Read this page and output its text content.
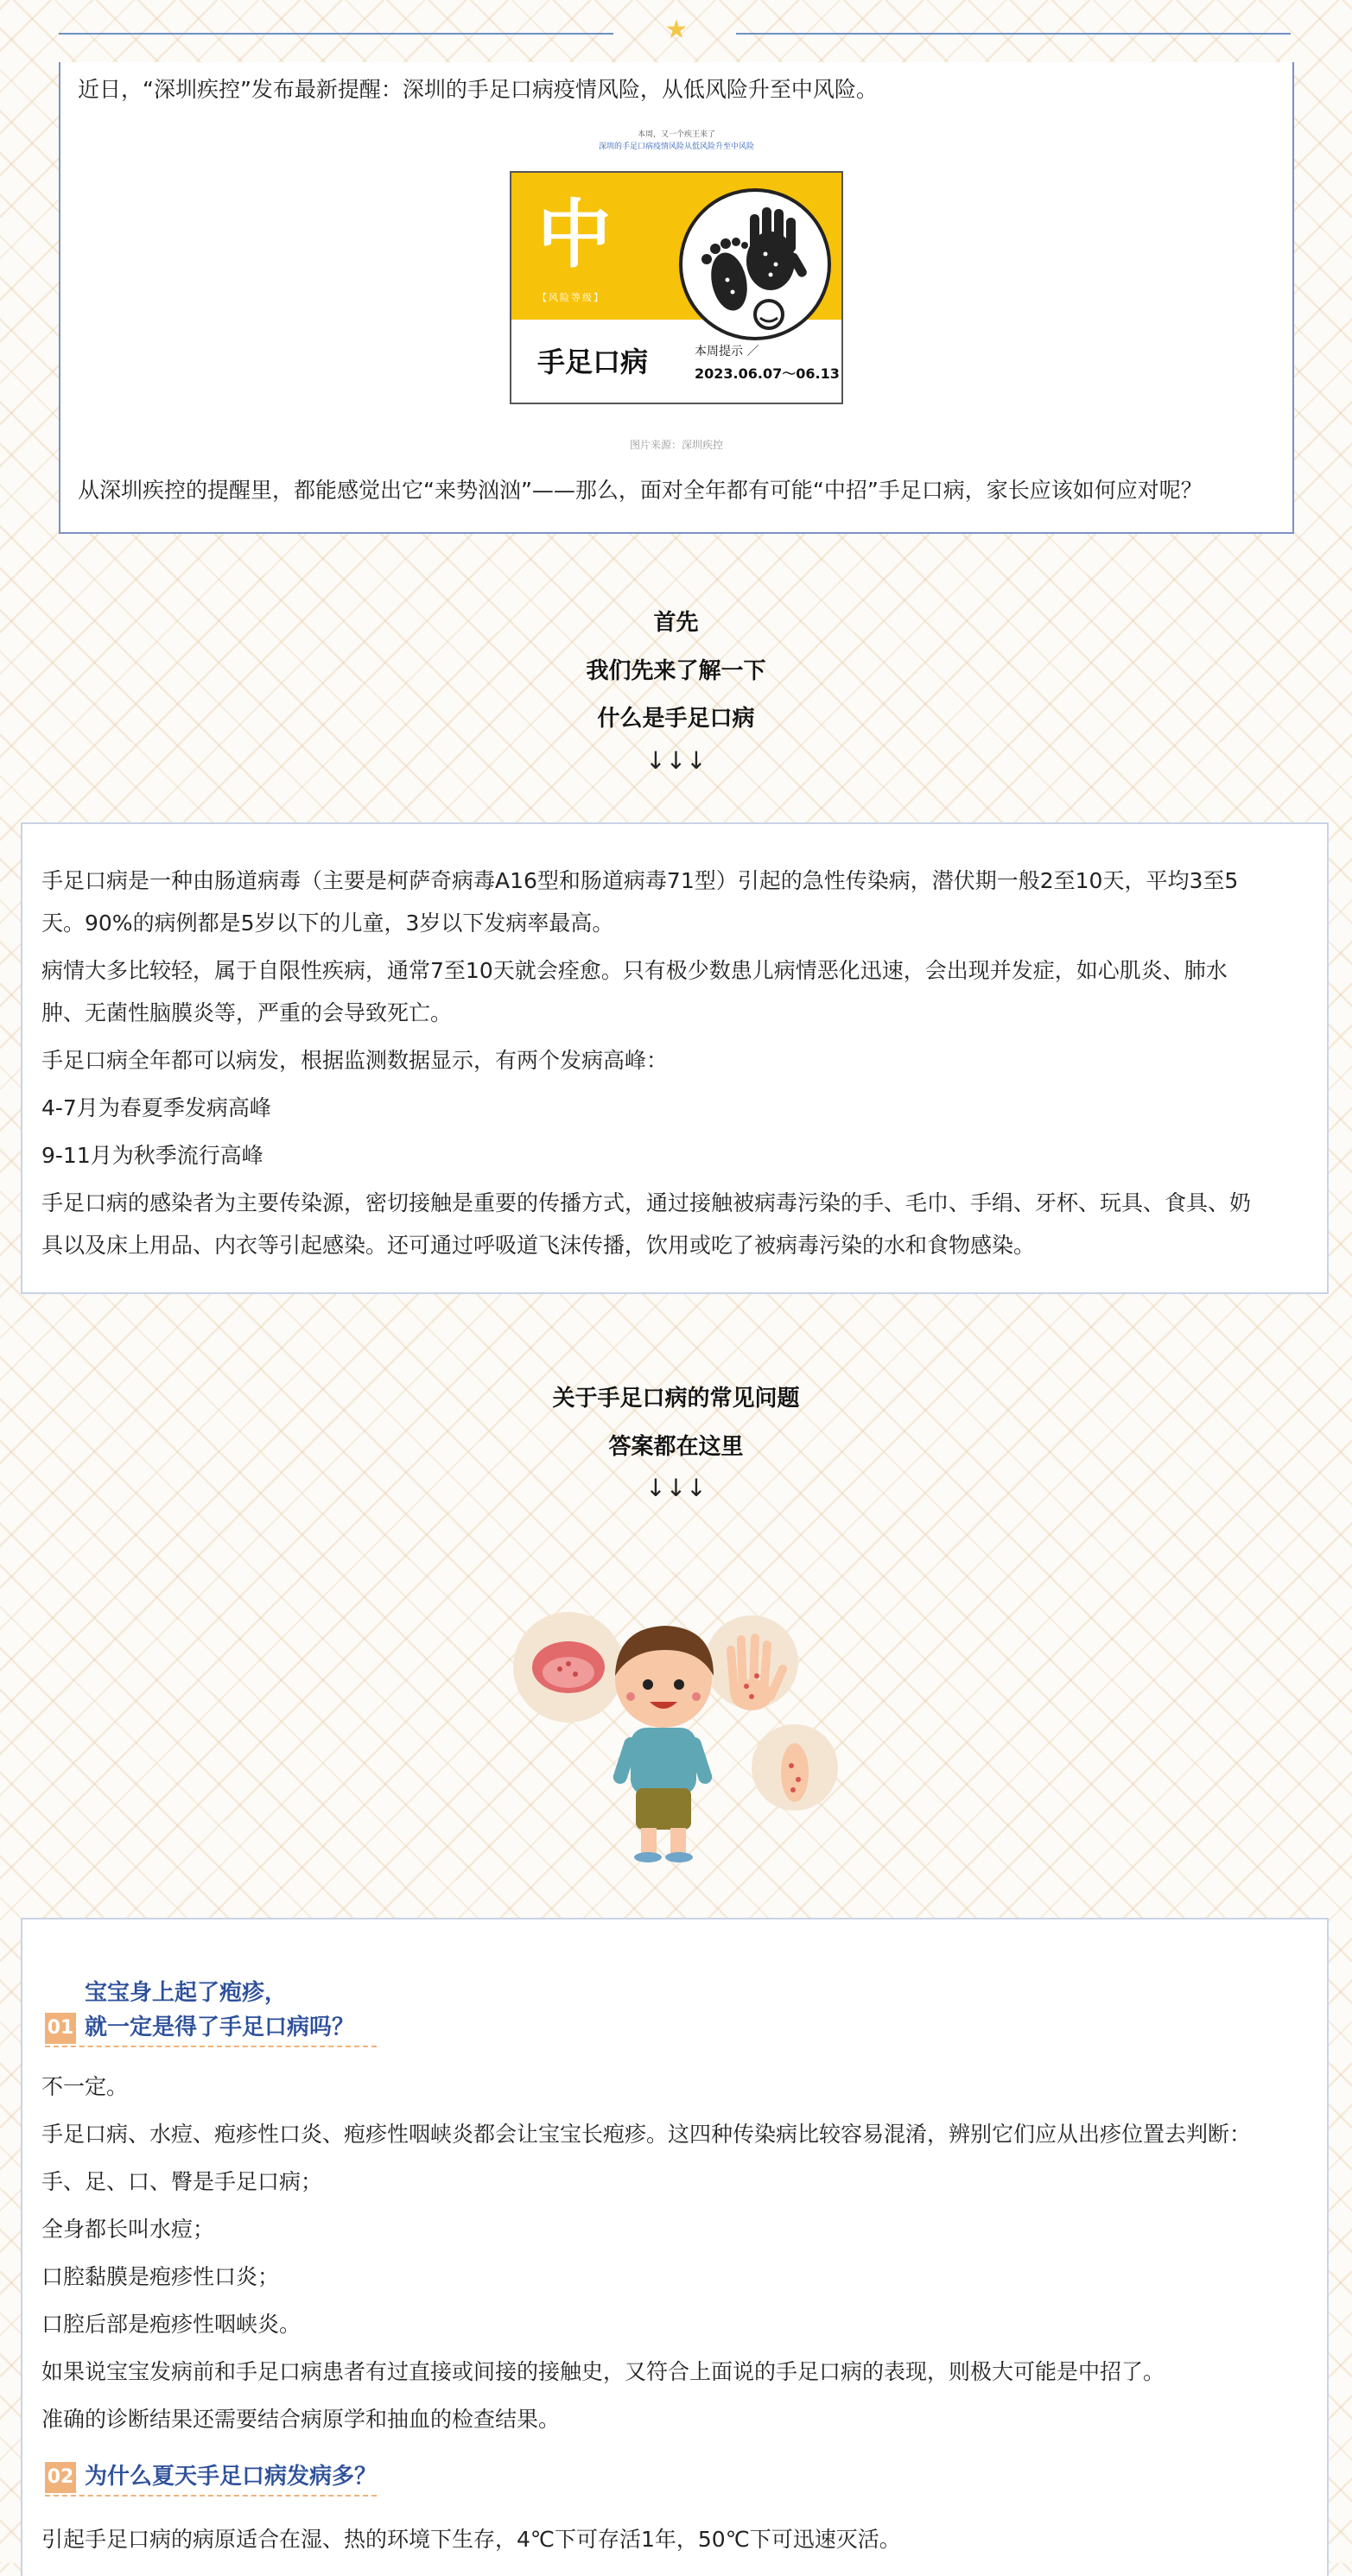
★

近日，“深圳疾控”发布最新提醒：深圳的手足口病疫情风险，从低风险升至中风险。

本周，又一个疾王来了
深圳的手足口病疫情风险从低风险升至中风险
中
【风险等级】
手足口病	本周提示 ／
2023.06.07～06.13
图片来源：深圳疾控

从深圳疾控的提醒里，都能感觉出它“来势汹汹”——那么，面对全年都有可能“中招”手足口病，家长应该如何应对呢？

首先
我们先来了解一下
什么是手足口病
↓↓↓

手足口病是一种由肠道病毒（主要是柯萨奇病毒A16型和肠道病毒71型）引起的急性传染病，潜伏期一般2至10天，平均3至5

天。90%的病例都是5岁以下的儿童，3岁以下发病率最高。

病情大多比较轻，属于自限性疾病，通常7至10天就会痊愈。只有极少数患儿病情恶化迅速，会出现并发症，如心肌炎、肺水

肿、无菌性脑膜炎等，严重的会导致死亡。

手足口病全年都可以病发，根据监测数据显示，有两个发病高峰：

4-7月为春夏季发病高峰

9-11月为秋季流行高峰

手足口病的感染者为主要传染源，密切接触是重要的传播方式，通过接触被病毒污染的手、毛巾、手绢、牙杯、玩具、食具、奶

具以及床上用品、内衣等引起感染。还可通过呼吸道飞沫传播，饮用或吃了被病毒污染的水和食物感染。

关于手足口病的常见问题
答案都在这里
↓↓↓
宝宝身上起了疱疹，
01 就一定是得了手足口病吗？

不一定。

手足口病、水痘、疱疹性口炎、疱疹性咽峡炎都会让宝宝长疱疹。这四种传染病比较容易混淆，辨别它们应从出疹位置去判断：

手、足、口、臀是手足口病；

全身都长叫水痘；

口腔黏膜是疱疹性口炎；

口腔后部是疱疹性咽峡炎。

如果说宝宝发病前和手足口病患者有过直接或间接的接触史，又符合上面说的手足口病的表现，则极大可能是中招了。

准确的诊断结果还需要结合病原学和抽血的检查结果。

02 为什么夏天手足口病发病多？

引起手足口病的病原适合在湿、热的环境下生存，4℃下可存活1年，50℃下可迅速灭活。
